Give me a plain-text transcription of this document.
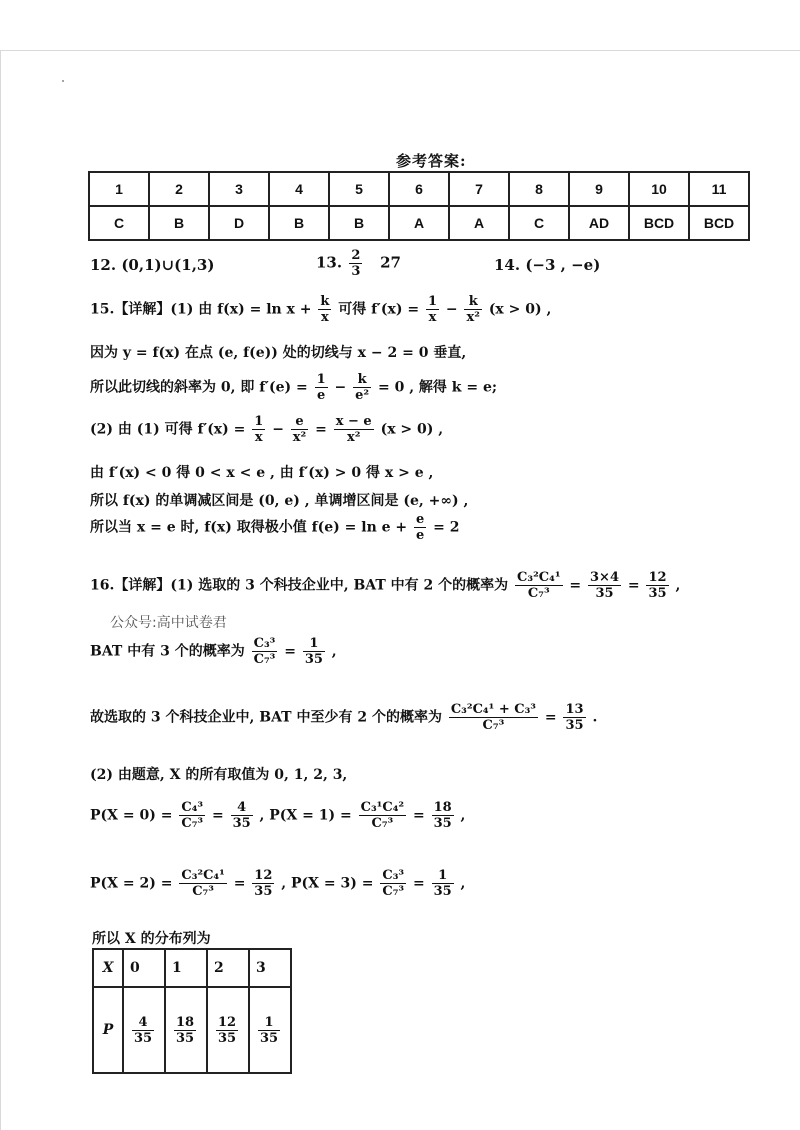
参考答案:
1	2	3	4	5	6	7	8	9	10	11
C	B	D	B	B	A	A	C	AD	BCD	BCD
12. (0,1)∪(1,3)	13. $\frac{2}{3} 27$	14. (−3 , −e)
15.【详解】(1) 由 $f(x) = \ln x + \frac{k}{x}$ 可得 $f'(x) = \frac{1}{x} - \frac{k}{\text{x²}} (x > 0)$ ,
因为 y = f(x) 在点 (e, f(e)) 处的切线与 x − 2 = 0 垂直,
所以此切线的斜率为 0, 即 $f'(e) = \frac{1}{e} - \frac{k}{\text{e²}} = 0$ , 解得 k = e;
(2) 由 (1) 可得 $f'(x) = \frac{1}{x} - \frac{e}{\text{x²}} = \frac{x - e}{\text{x²}} (x > 0)$ ,
由 f′(x) < 0 得 0 < x < e , 由 f′(x) > 0 得 x > e ,
所以 f(x) 的单调减区间是 (0, e) , 单调增区间是 (e, +∞) ,
所以当 x = e 时, f(x) 取得极小值 $f(e) = \ln e + \frac{e}{e} = 2$
16.【详解】(1) 选取的 3 个科技企业中, BAT 中有 2 个的概率为 $\frac{\text{C₃²C₄¹}}{\text{C₇³}} = \frac{3\times 4}{35} = \frac{12}{35}$ ,
公众号:高中试卷君
BAT 中有 3 个的概率为 $\frac{\text{C₃³}}{\text{C₇³}} = \frac{1}{35}$ ,
故选取的 3 个科技企业中, BAT 中至少有 2 个的概率为 $\frac{\text{C₃²C₄¹ + C₃³}}{\text{C₇³}} = \frac{13}{35}$ .
(2) 由题意, X 的所有取值为 0, 1, 2, 3,
$P(X = 0) = \frac{\text{C₄³}}{\text{C₇³}} = \frac{4}{35}$ , $P(X = 1) = \frac{\text{C₃¹C₄²}}{\text{C₇³}} = \frac{18}{35}$ ,
$P(X = 2) = \frac{\text{C₃²C₄¹}}{\text{C₇³}} = \frac{12}{35}$ , $P(X = 3) = \frac{\text{C₃³}}{\text{C₇³}} = \frac{1}{35}$ ,
所以 X 的分布列为
X	0	1	2	3
P	$\frac{4}{35}$	$\frac{18}{35}$	$\frac{12}{35}$	$\frac{1}{35}$
